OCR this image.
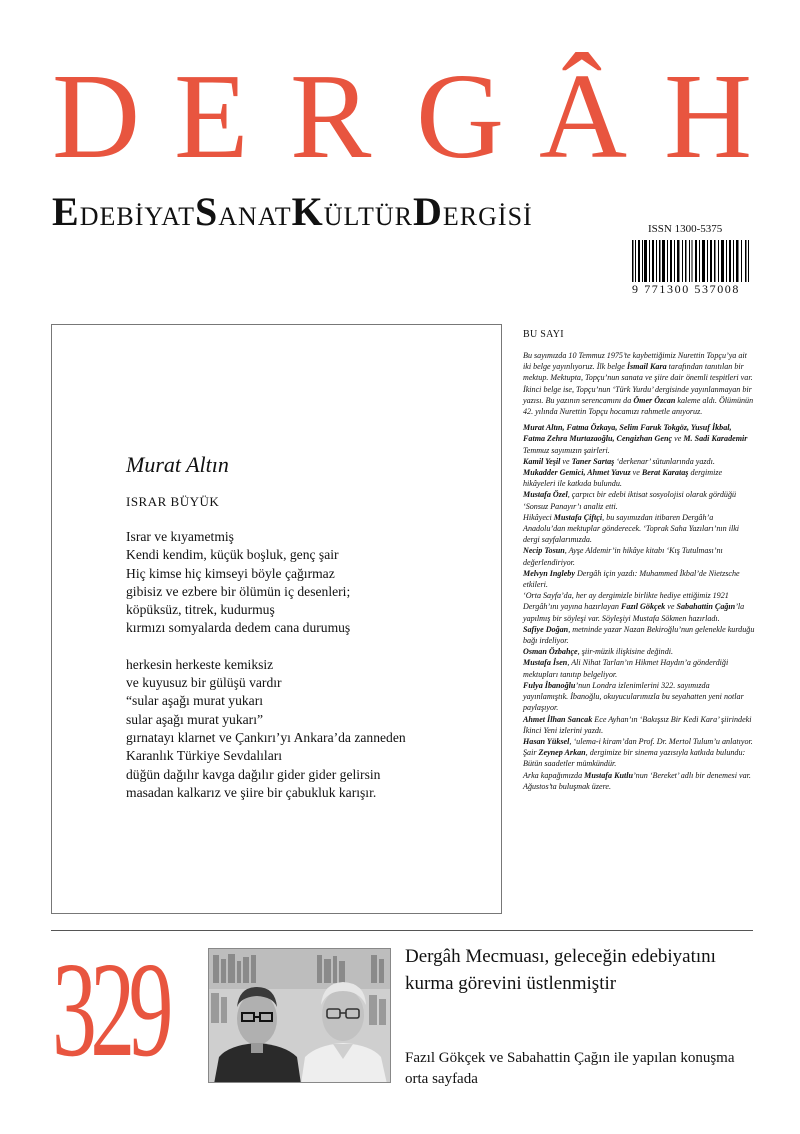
D E R G Â H
EDEBİYATSANATKÜLTÜRDERGİSİ	ISSN 1300-5375
9 771300 537008
Murat Altın
ISRAR BÜYÜK
Israr ve kıyametmiş
Kendi kendim, küçük boşluk, genç şair
Hiç kimse hiç kimseyi böyle çağırmaz
gibisiz ve ezbere bir ölümün iç desenleri;
köpüksüz, titrek, kudurmuş
kırmızı somyalarda dedem cana durumuş
herkesin herkeste kemiksiz
ve kuyusuz bir gülüşü vardır
“sular aşağı murat yukarı
sular aşağı murat yukarı”
gırnatayı klarnet ve Çankırı’yı Ankara’da zanneden
Karanlık Türkiye Sevdalıları
düğün dağılır kavga dağılır gider gider gelirsin
masadan kalkarız ve şiire bir çabukluk karışır.
BU SAYI

Bu sayımızda 10 Temmuz 1975’te kaybettiğimiz Nurettin Topçu’ya ait iki belge yayınlıyoruz. İlk belge İsmail Kara tarafından tanıtılan bir mektup. Mektupta, Topçu’nun sanata ve şiire dair önemli tespitleri var. İkinci belge ise, Topçu’nun ‘Türk Yurdu’ dergisinde yayınlanmayan bir yazısı. Bu yazının serencamını da Ömer Özcan kaleme aldı. Ölümünün 42. yılında Nurettin Topçu hocamızı rahmetle anıyoruz.

Murat Altın, Fatma Özkaya, Selim Faruk Tokgöz, Yusuf İkbal, Fatma Zehra Murtazaoğlu, Cengizhan Genç ve M. Sadi Karademir Temmuz sayımızın şairleri.

Kamil Yeşil ve Taner Sartaş ‘derkenar’ sütunlarında yazdı.

Mukadder Gemici, Ahmet Yavuz ve Berat Karataş dergimize hikâyeleri ile katkıda bulundu.

Mustafa Özel, çarpıcı bir edebi iktisat sosyolojisi olarak gördüğü ‘Sonsuz Panayır’ı analiz etti.

Hikâyeci Mustafa Çiftçi, bu sayımızdan itibaren Dergâh’a Anadolu’dan mektuplar gönderecek. ‘Toprak Saha Yazıları’nın ilki dergi sayfalarımızda.

Necip Tosun, Ayşe Aldemir’in hikâye kitabı ‘Kış Tutulması’nı değerlendiriyor.

Melvyn Ingleby Dergâh için yazdı: Muhammed İkbal’de Nietzsche etkileri.

‘Orta Sayfa’da, her ay dergimizle birlikte hediye ettiğimiz 1921 Dergâh’ını yayına hazırlayan Fazıl Gökçek ve Sabahattin Çağın’la yapılmış bir söyleşi var. Söyleşiyi Mustafa Sökmen hazırladı.

Safiye Doğan, metninde yazar Nazan Bekiroğlu’nun gelenekle kurduğu bağı irdeliyor.

Osman Özbahçe, şiir-müzik ilişkisine değindi.

Mustafa İsen, Ali Nihat Tarlan’ın Hikmet Haydın’a gönderdiği mektupları tanıtıp belgeliyor.

Fulya İbanoğlu’nun Londra izlenimlerini 322. sayımızda yayınlamıştık. İbanoğlu, okuyucularımızla bu seyahatten yeni notlar paylaşıyor.

Ahmet İlhan Sancak Ece Ayhan’ın ‘Bakışsız Bir Kedi Kara’ şiirindeki İkinci Yeni izlerini yazdı.

Hasan Yüksel, ‘ulema-i kiram’dan Prof. Dr. Mertol Tulum’u anlatıyor.

Şair Zeynep Arkan, dergimize bir sinema yazısıyla katkıda bulundu: Bütün saadetler mümkündür.

Arka kapağımızda Mustafa Kutlu’nun ‘Bereket’ adlı bir denemesi var.

Ağustos’ta buluşmak üzere.

329	Dergâh Mecmuası, geleceğin edebiyatını kurma görevini üstlenmiştir
Fazıl Gökçek ve Sabahattin Çağın ile yapılan konuşma orta sayfada
